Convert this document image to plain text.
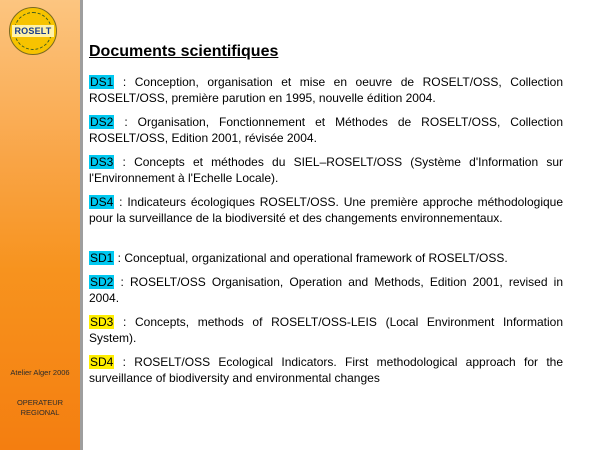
ROSELT
Atelier Alger 2006
OPERATEUR
REGIONAL
Documents scientifiques
DS1 : Conception, organisation et mise en oeuvre de ROSELT/OSS, Collection ROSELT/OSS, première parution en 1995, nouvelle édition 2004.
DS2 : Organisation, Fonctionnement et Méthodes de ROSELT/OSS, Collection ROSELT/OSS, Edition 2001, révisée 2004.
DS3 : Concepts et méthodes du SIEL–ROSELT/OSS (Système d'Information sur l'Environnement à l'Echelle Locale).
DS4 : Indicateurs écologiques ROSELT/OSS. Une première approche méthodologique pour la surveillance de la biodiversité et des changements environnementaux.
SD1 : Conceptual, organizational and operational framework of ROSELT/OSS.
SD2 : ROSELT/OSS Organisation, Operation and Methods, Edition 2001, revised in 2004.
SD3 : Concepts, methods of ROSELT/OSS-LEIS (Local Environment Information System).
SD4 : ROSELT/OSS Ecological Indicators. First methodological approach for the surveillance of biodiversity and environmental changes
